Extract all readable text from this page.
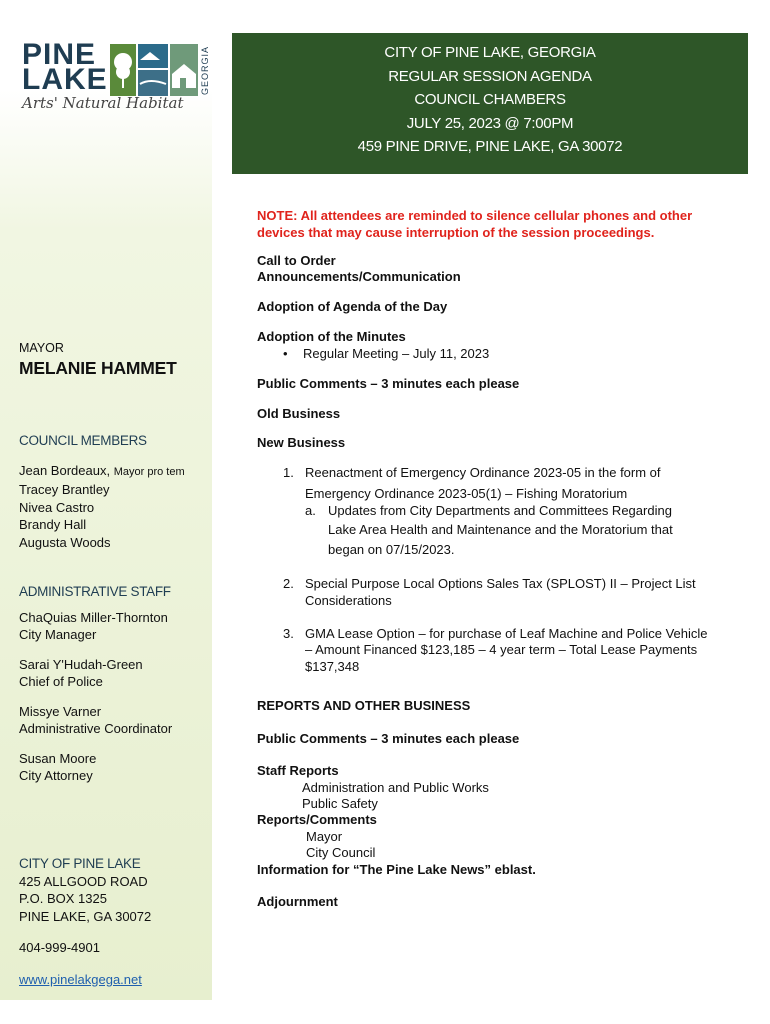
PINE
LAKE	GEORGIA
Arts' Natural Habitat
MAYOR
MELANIE HAMMET
COUNCIL MEMBERS
Jean Bordeaux, Mayor pro tem
Tracey Brantley
Nivea Castro
Brandy Hall
Augusta Woods
ADMINISTRATIVE STAFF

ChaQuias Miller-Thornton
City Manager

Sarai Y'Hudah-Green
Chief of Police

Missye Varner
Administrative Coordinator

Susan Moore
City Attorney

CITY OF PINE LAKE
425 ALLGOOD ROAD
P.O. BOX 1325
PINE LAKE, GA 30072
404-999-4901
www.pinelakgega.net
CITY OF PINE LAKE, GEORGIA
REGULAR SESSION AGENDA
COUNCIL CHAMBERS
JULY 25, 2023 @ 7:00PM
459 PINE DRIVE, PINE LAKE, GA 30072
NOTE: All attendees are reminded to silence cellular phones and other devices that may cause interruption of the session proceedings.
Call to Order
Announcements/Communication
Adoption of Agenda of the Day
Adoption of the Minutes
• Regular Meeting – July 11, 2023
Public Comments – 3 minutes each please
Old Business
New Business
1. Reenactment of Emergency Ordinance 2023-05 in the form of
Emergency Ordinance 2023-05(1) – Fishing Moratorium
a. Updates from City Departments and Committees Regarding
Lake Area Health and Maintenance and the Moratorium that
began on 07/15/2023.
2. Special Purpose Local Options Sales Tax (SPLOST) II – Project List
Considerations
3. GMA Lease Option – for purchase of Leaf Machine and Police Vehicle
– Amount Financed $123,185 – 4 year term – Total Lease Payments
$137,348
REPORTS AND OTHER BUSINESS
Public Comments – 3 minutes each please
Staff Reports
Administration and Public Works
Public Safety
Reports/Comments
Mayor
City Council
Information for “The Pine Lake News” eblast.
Adjournment
